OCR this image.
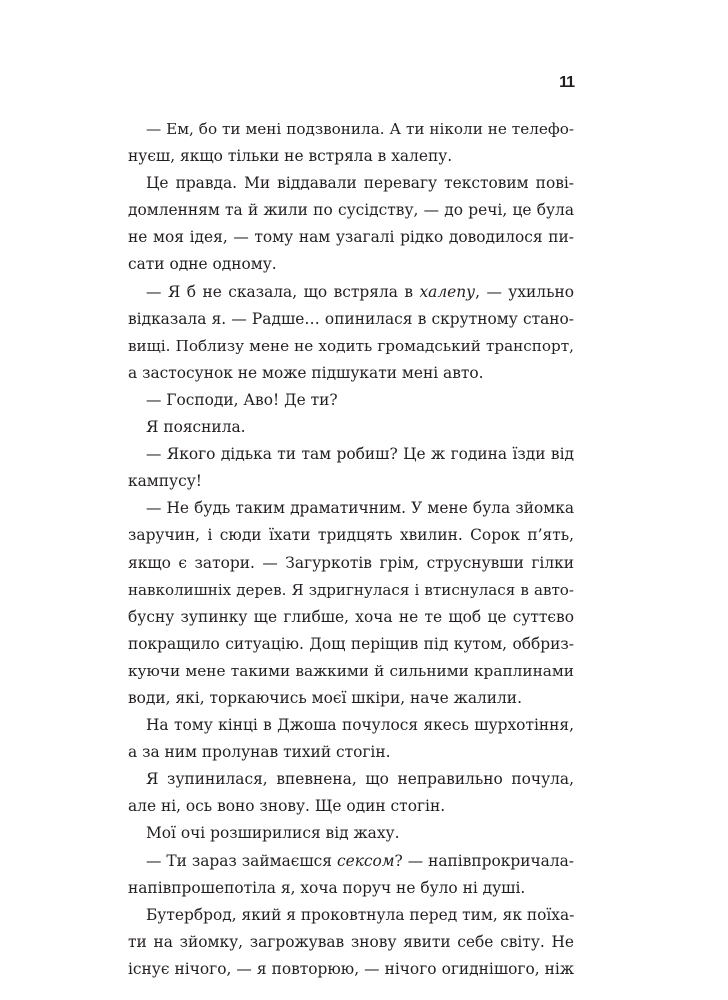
11
— Ем, бо ти мені подзвонила. А ти ніколи не телефо-
нуєш, якщо тільки не встряла в халепу.
Це правда. Ми віддавали перевагу текстовим пові-
домленням та й жили по сусідству, — до речі, це була
не моя ідея, — тому нам узагалі рідко доводилося пи-
сати одне одному.
— Я б не сказала, що встряла в халепу, — ухильно
відказала я. — Радше… опинилася в скрутному стано-
вищі. Поблизу мене не ходить громадський транспорт,
а застосунок не може підшукати мені авто.
— Господи, Аво! Де ти?
Я пояснила.
— Якого дідька ти там робиш? Це ж година їзди від
кампусу!
— Не будь таким драматичним. У мене була зйомка
заручин, і сюди їхати тридцять хвилин. Сорок п’ять,
якщо є затори. — Загуркотів грім, струснувши гілки
навколишніх дерев. Я здригнулася і втиснулася в авто-
бусну зупинку ще глибше, хоча не те щоб це суттєво
покращило ситуацію. Дощ періщив під кутом, оббриз-
куючи мене такими важкими й сильними краплинами
води, які, торкаючись моєї шкіри, наче жалили.
На тому кінці в Джоша почулося якесь шурхотіння,
а за ним пролунав тихий стогін.
Я зупинилася, впевнена, що неправильно почула,
але ні, ось воно знову. Ще один стогін.
Мої очі розширилися від жаху.
— Ти зараз займаєшся сексом? — напівпрокричала-
напівпрошепотіла я, хоча поруч не було ні душі.
Бутерброд, який я проковтнула перед тим, як поїха-
ти на зйомку, загрожував знову явити себе світу. Не
існує нічого, — я повторюю, — нічого огиднішого, ніж
